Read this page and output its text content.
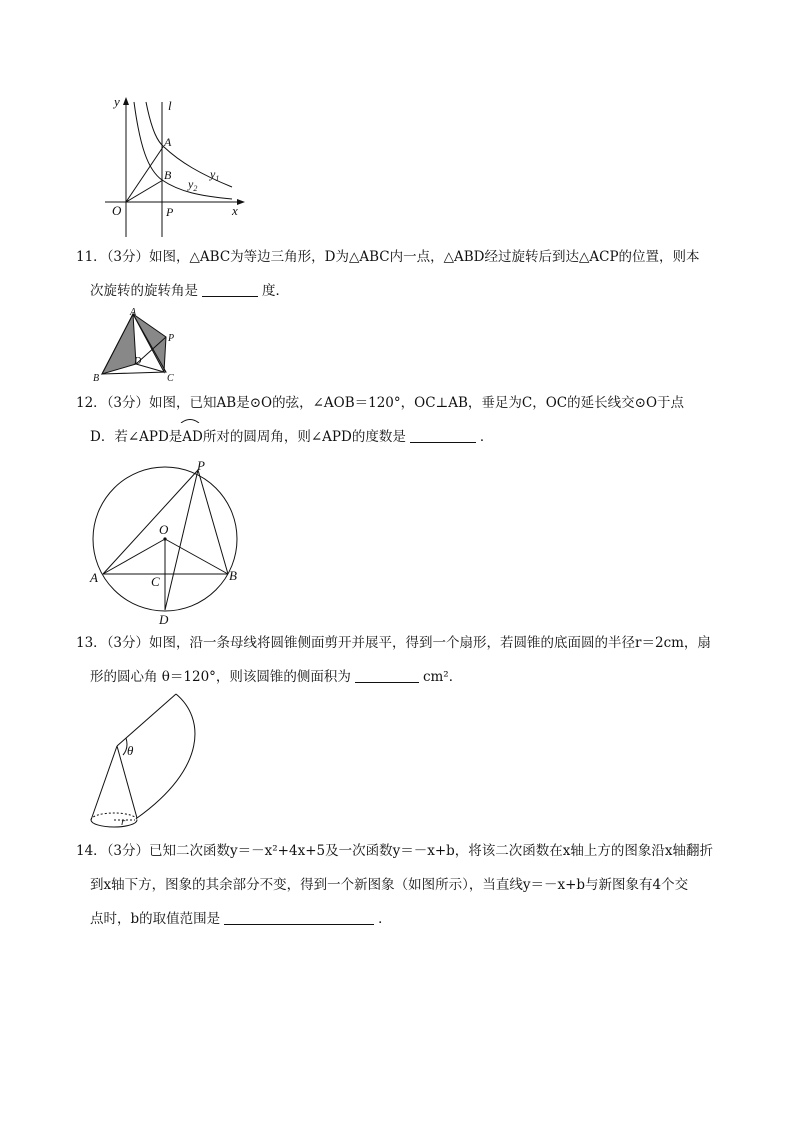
y	l
A
B	$y_1$
$y_2$
O	P	x
11．（3分）如图，△ABC为等边三角形，D为△ABC内一点，△ABD经过旋转后到达△ACP的位置，则本
次旋转的旋转角是	度．
A
P
D
B	C
12．（3分）如图，已知AB是⊙O的弦，∠AOB＝120°，OC⊥AB，垂足为C，OC的延长线交⊙O于点
D．若∠APD是
AD所对的圆周角，则∠APD的度数是	．
P
O
A	B
C
D
13．（3分）如图，沿一条母线将圆锥侧面剪开并展平，得到一个扇形，若圆锥的底面圆的半径r＝2cm，扇
形的圆心角 θ＝120°，则该圆锥的侧面积为	cm²．
θ
r
14．（3分）已知二次函数y＝－x²+4x+5及一次函数y＝－x+b，将该二次函数在x轴上方的图象沿x轴翻折
到x轴下方，图象的其余部分不变，得到一个新图象（如图所示），当直线y＝－x+b与新图象有4个交
点时，b的取值范围是	．
